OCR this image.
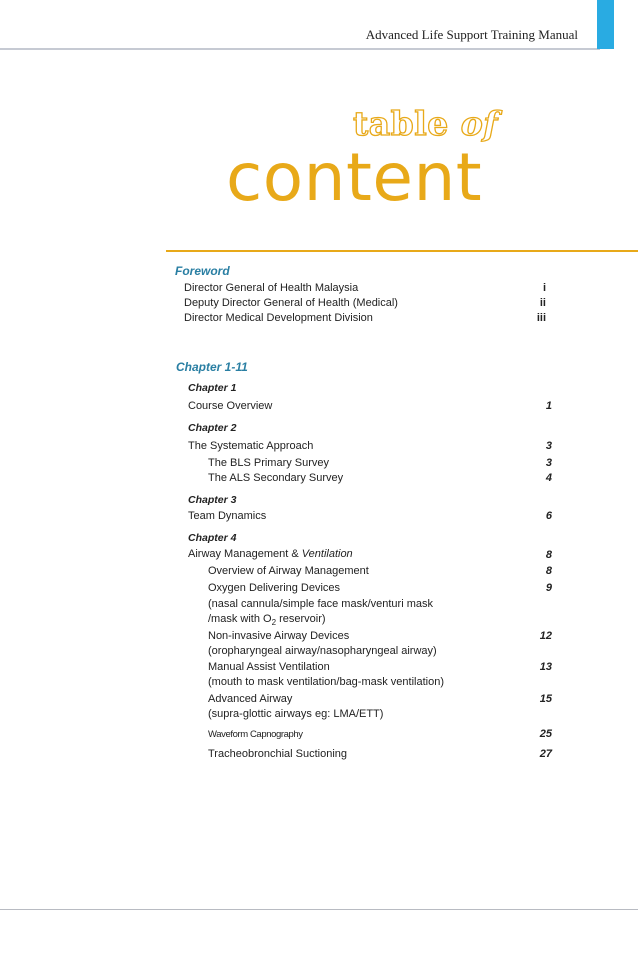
Advanced Life Support Training Manual
table of
content
Foreword
Director General of Health Malaysia	i
Deputy Director General of Health (Medical)	ii
Director Medical Development Division	iii
Chapter 1-11
Chapter 1
Course Overview	1
Chapter 2
The Systematic Approach	3
The BLS Primary Survey	3
The ALS Secondary Survey	4
Chapter 3
Team Dynamics	6
Chapter 4
Airway Management & Ventilation	8
Overview of Airway Management	8
Oxygen Delivering Devices	9
(nasal cannula/simple face mask/venturi mask
/mask with $O_2$ reservoir)
Non-invasive Airway Devices	12
(oropharyngeal airway/nasopharyngeal airway)
Manual Assist Ventilation	13
(mouth to mask ventilation/bag-mask ventilation)
Advanced Airway	15
(supra-glottic airways eg: LMA/ETT)
Waveform Capnography	25
Tracheobronchial Suctioning	27
